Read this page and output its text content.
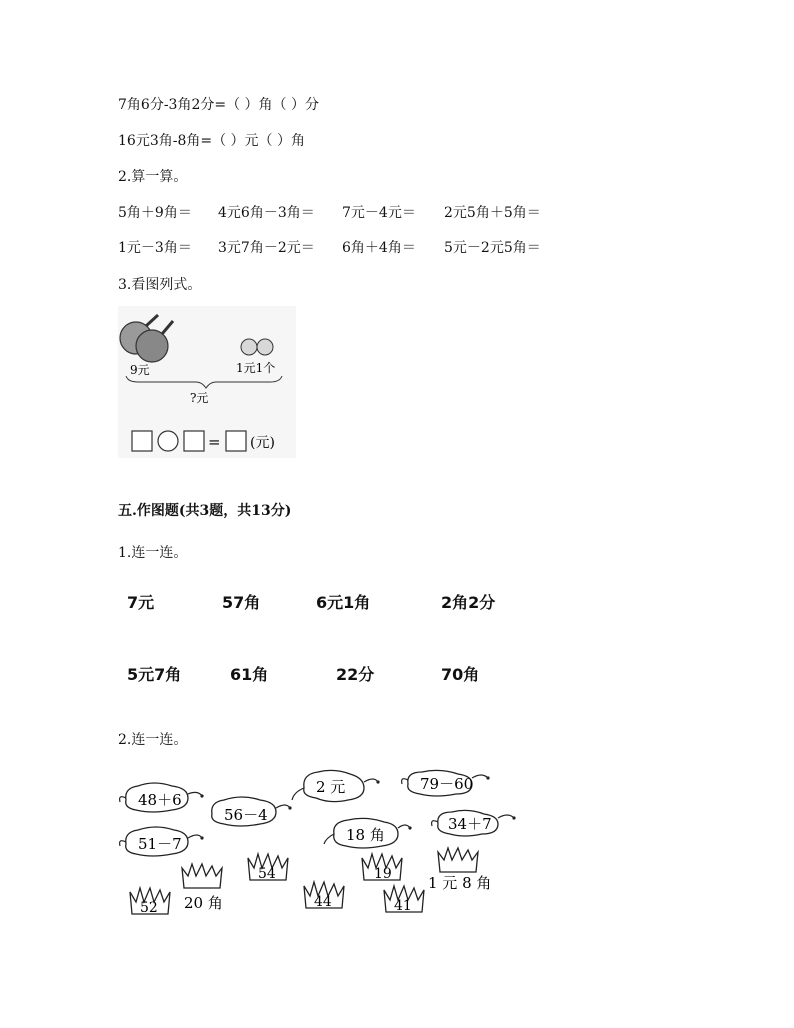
7角6分-3角2分=（ ）角（ ）分
16元3角-8角=（ ）元（ ）角
2.算一算。
5角＋9角＝ 4元6角－3角＝ 7元－4元＝ 2元5角＋5角＝
1元－3角＝ 3元7角－2元＝ 6角＋4角＝ 5元－2元5角＝
3.看图列式。
9元	1元1个
?元
= (元)
五.作图题(共3题，共13分)
1.连一连。
7元	57角	6元1角	2角2分
5元7角	61角	22分	70角
2.连一连。
48＋6
56－4
2 元	79－60
51－7	18 角
34＋7
54	19 1 元 8 角
20 角
52	44	41
